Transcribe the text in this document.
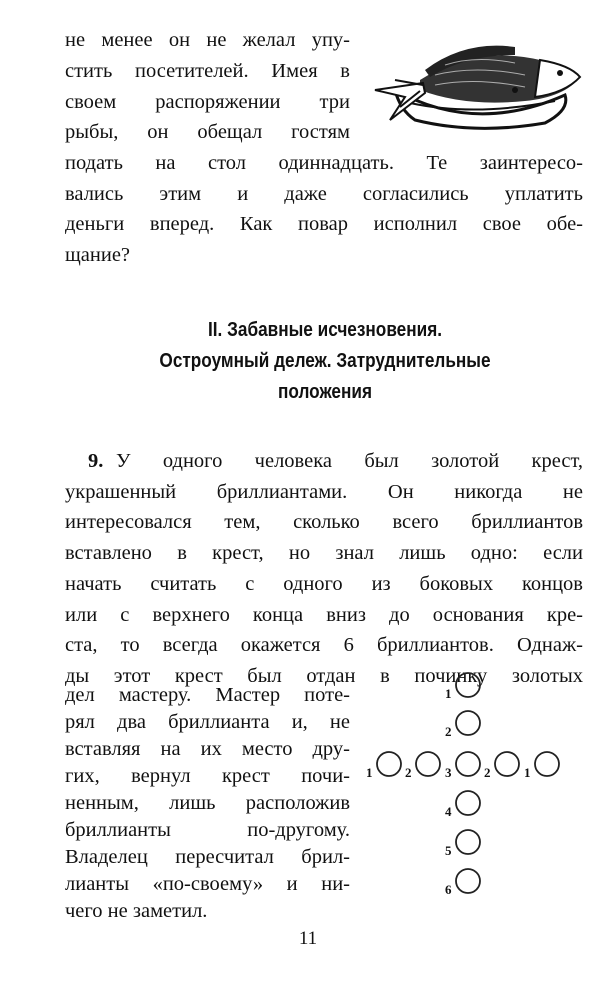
не менее он не желал упу-
стить посетителей. Имея в
своем распоряжении три
рыбы, он обещал гостям
подать на стол одиннадцать. Те заинтересо-
вались этим и даже согласились уплатить
деньги вперед. Как повар исполнил свое обе-
щание?
II. Забавные исчезновения.
Остроумный дележ. Затруднительные
положения
9. У одного человека был золотой крест,
украшенный бриллиантами. Он никогда не
интересовался тем, сколько всего бриллиантов
вставлено в крест, но знал лишь одно: если
начать считать с одного из боковых концов
или с верхнего конца вниз до основания кре-
ста, то всегда окажется 6 бриллиантов. Однаж-
ды этот крест был отдан в починку золотых
дел мастеру. Мастер поте-
рял два бриллианта и, не
вставляя на их место дру-
гих, вернул крест почи-
ненным, лишь расположив
бриллианты по-другому.
Владелец пересчитал брил-
лианты «по-своему» и ни-
чего не заметил.
1
2
3
4
5
6
1	2	2	1
11
